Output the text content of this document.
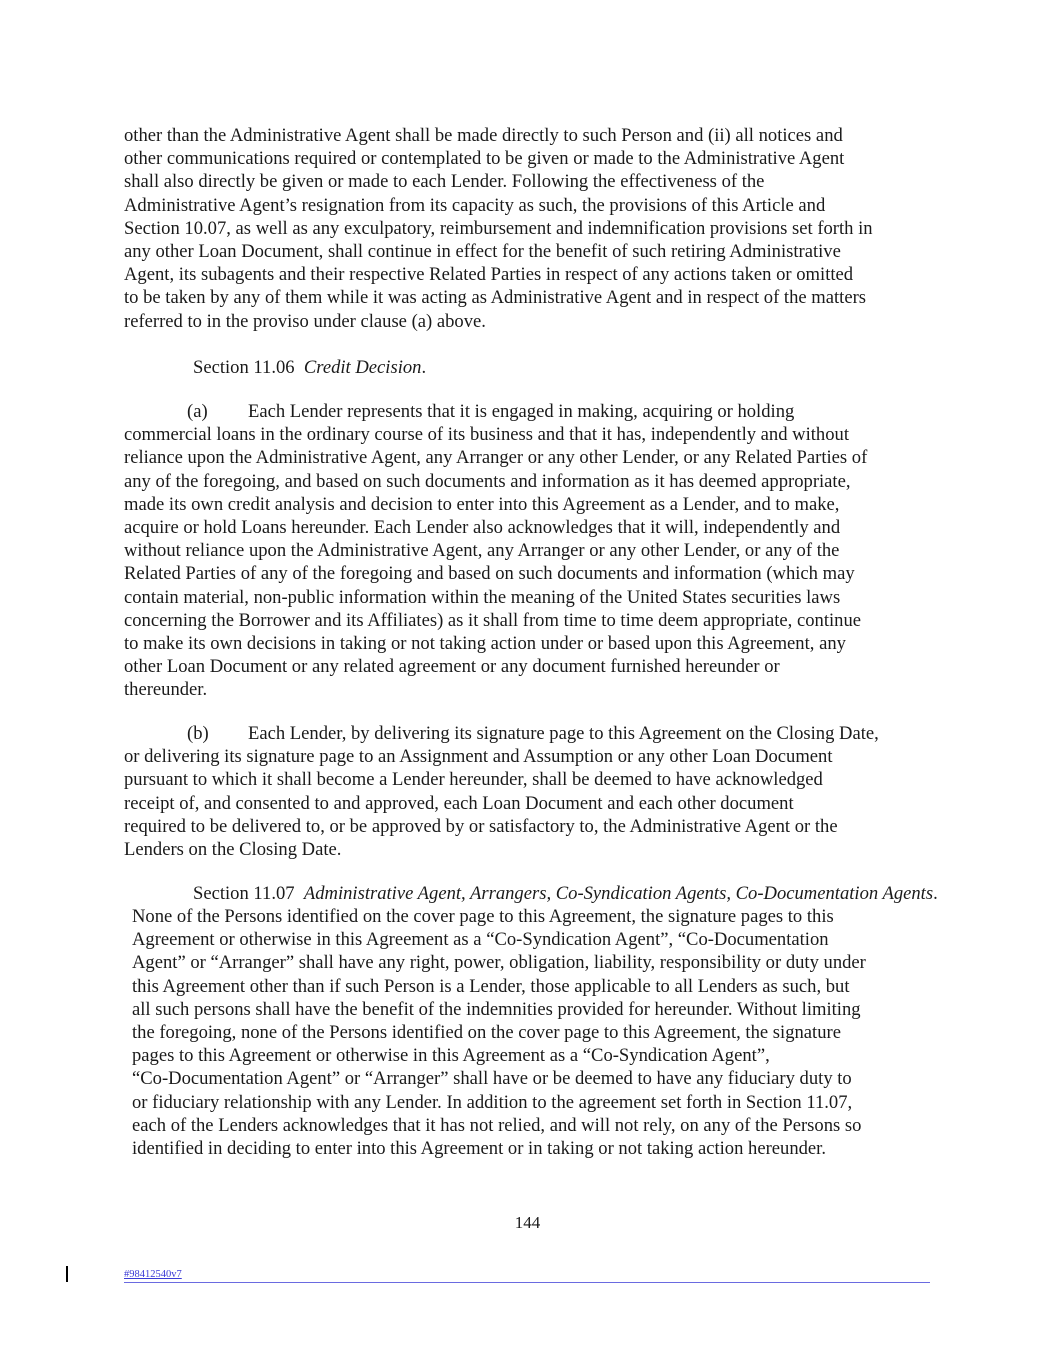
other than the Administrative Agent shall be made directly to such Person and (ii) all notices and
other communications required or contemplated to be given or made to the Administrative Agent
shall also directly be given or made to each Lender. Following the effectiveness of the
Administrative Agent’s resignation from its capacity as such, the provisions of this Article and
Section 10.07, as well as any exculpatory, reimbursement and indemnification provisions set forth in
any other Loan Document, shall continue in effect for the benefit of such retiring Administrative
Agent, its subagents and their respective Related Parties in respect of any actions taken or omitted
to be taken by any of them while it was acting as Administrative Agent and in respect of the matters
referred to in the proviso under clause (a) above.

Section 11.06 Credit Decision.

(a) Each Lender represents that it is engaged in making, acquiring or holding
commercial loans in the ordinary course of its business and that it has, independently and without
reliance upon the Administrative Agent, any Arranger or any other Lender, or any Related Parties of
any of the foregoing, and based on such documents and information as it has deemed appropriate,
made its own credit analysis and decision to enter into this Agreement as a Lender, and to make,
acquire or hold Loans hereunder. Each Lender also acknowledges that it will, independently and
without reliance upon the Administrative Agent, any Arranger or any other Lender, or any of the
Related Parties of any of the foregoing and based on such documents and information (which may
contain material, non-public information within the meaning of the United States securities laws
concerning the Borrower and its Affiliates) as it shall from time to time deem appropriate, continue
to make its own decisions in taking or not taking action under or based upon this Agreement, any
other Loan Document or any related agreement or any document furnished hereunder or
thereunder.

(b) Each Lender, by delivering its signature page to this Agreement on the Closing Date,
or delivering its signature page to an Assignment and Assumption or any other Loan Document
pursuant to which it shall become a Lender hereunder, shall be deemed to have acknowledged
receipt of, and consented to and approved, each Loan Document and each other document
required to be delivered to, or be approved by or satisfactory to, the Administrative Agent or the
Lenders on the Closing Date.

Section 11.07 Administrative Agent, Arrangers, Co-Syndication Agents, Co-Documentation Agents.

None of the Persons identified on the cover page to this Agreement, the signature pages to this
Agreement or otherwise in this Agreement as a “Co-Syndication Agent”, “Co-Documentation
Agent” or “Arranger” shall have any right, power, obligation, liability, responsibility or duty under
this Agreement other than if such Person is a Lender, those applicable to all Lenders as such, but
all such persons shall have the benefit of the indemnities provided for hereunder. Without limiting
the foregoing, none of the Persons identified on the cover page to this Agreement, the signature
pages to this Agreement or otherwise in this Agreement as a “Co-Syndication Agent”,
“Co-Documentation Agent” or “Arranger” shall have or be deemed to have any fiduciary duty to
or fiduciary relationship with any Lender. In addition to the agreement set forth in Section 11.07,
each of the Lenders acknowledges that it has not relied, and will not rely, on any of the Persons so
identified in deciding to enter into this Agreement or in taking or not taking action hereunder.

144
#98412540v7
